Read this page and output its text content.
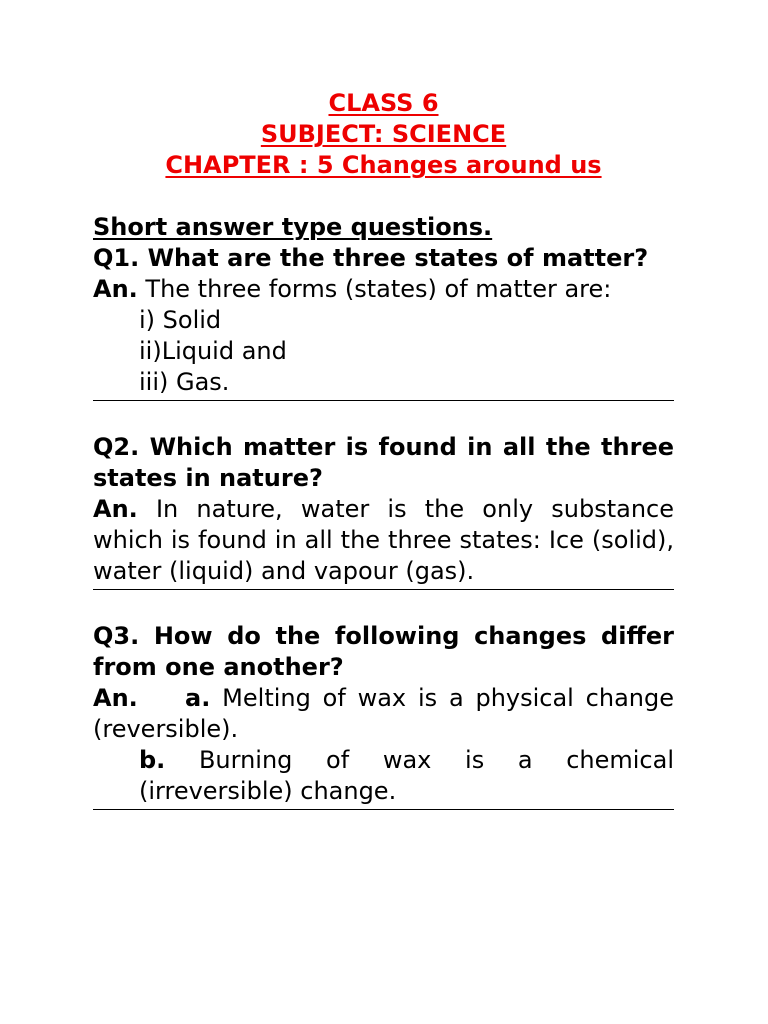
CLASS 6
SUBJECT: SCIENCE
CHAPTER : 5 Changes around us
Short answer type questions.
Q1. What are the three states of matter?
An. The three forms (states) of matter are:
i) Solid
ii)Liquid and
iii) Gas.
Q2. Which matter is found in all the three states in nature?
An. In nature, water is the only substance which is found in all the three states: Ice (solid), water (liquid) and vapour (gas).
Q3. How do the following changes differ from one another?
An. a. Melting of wax is a physical change (reversible).
b. Burning of wax is a chemical (irreversible) change.
